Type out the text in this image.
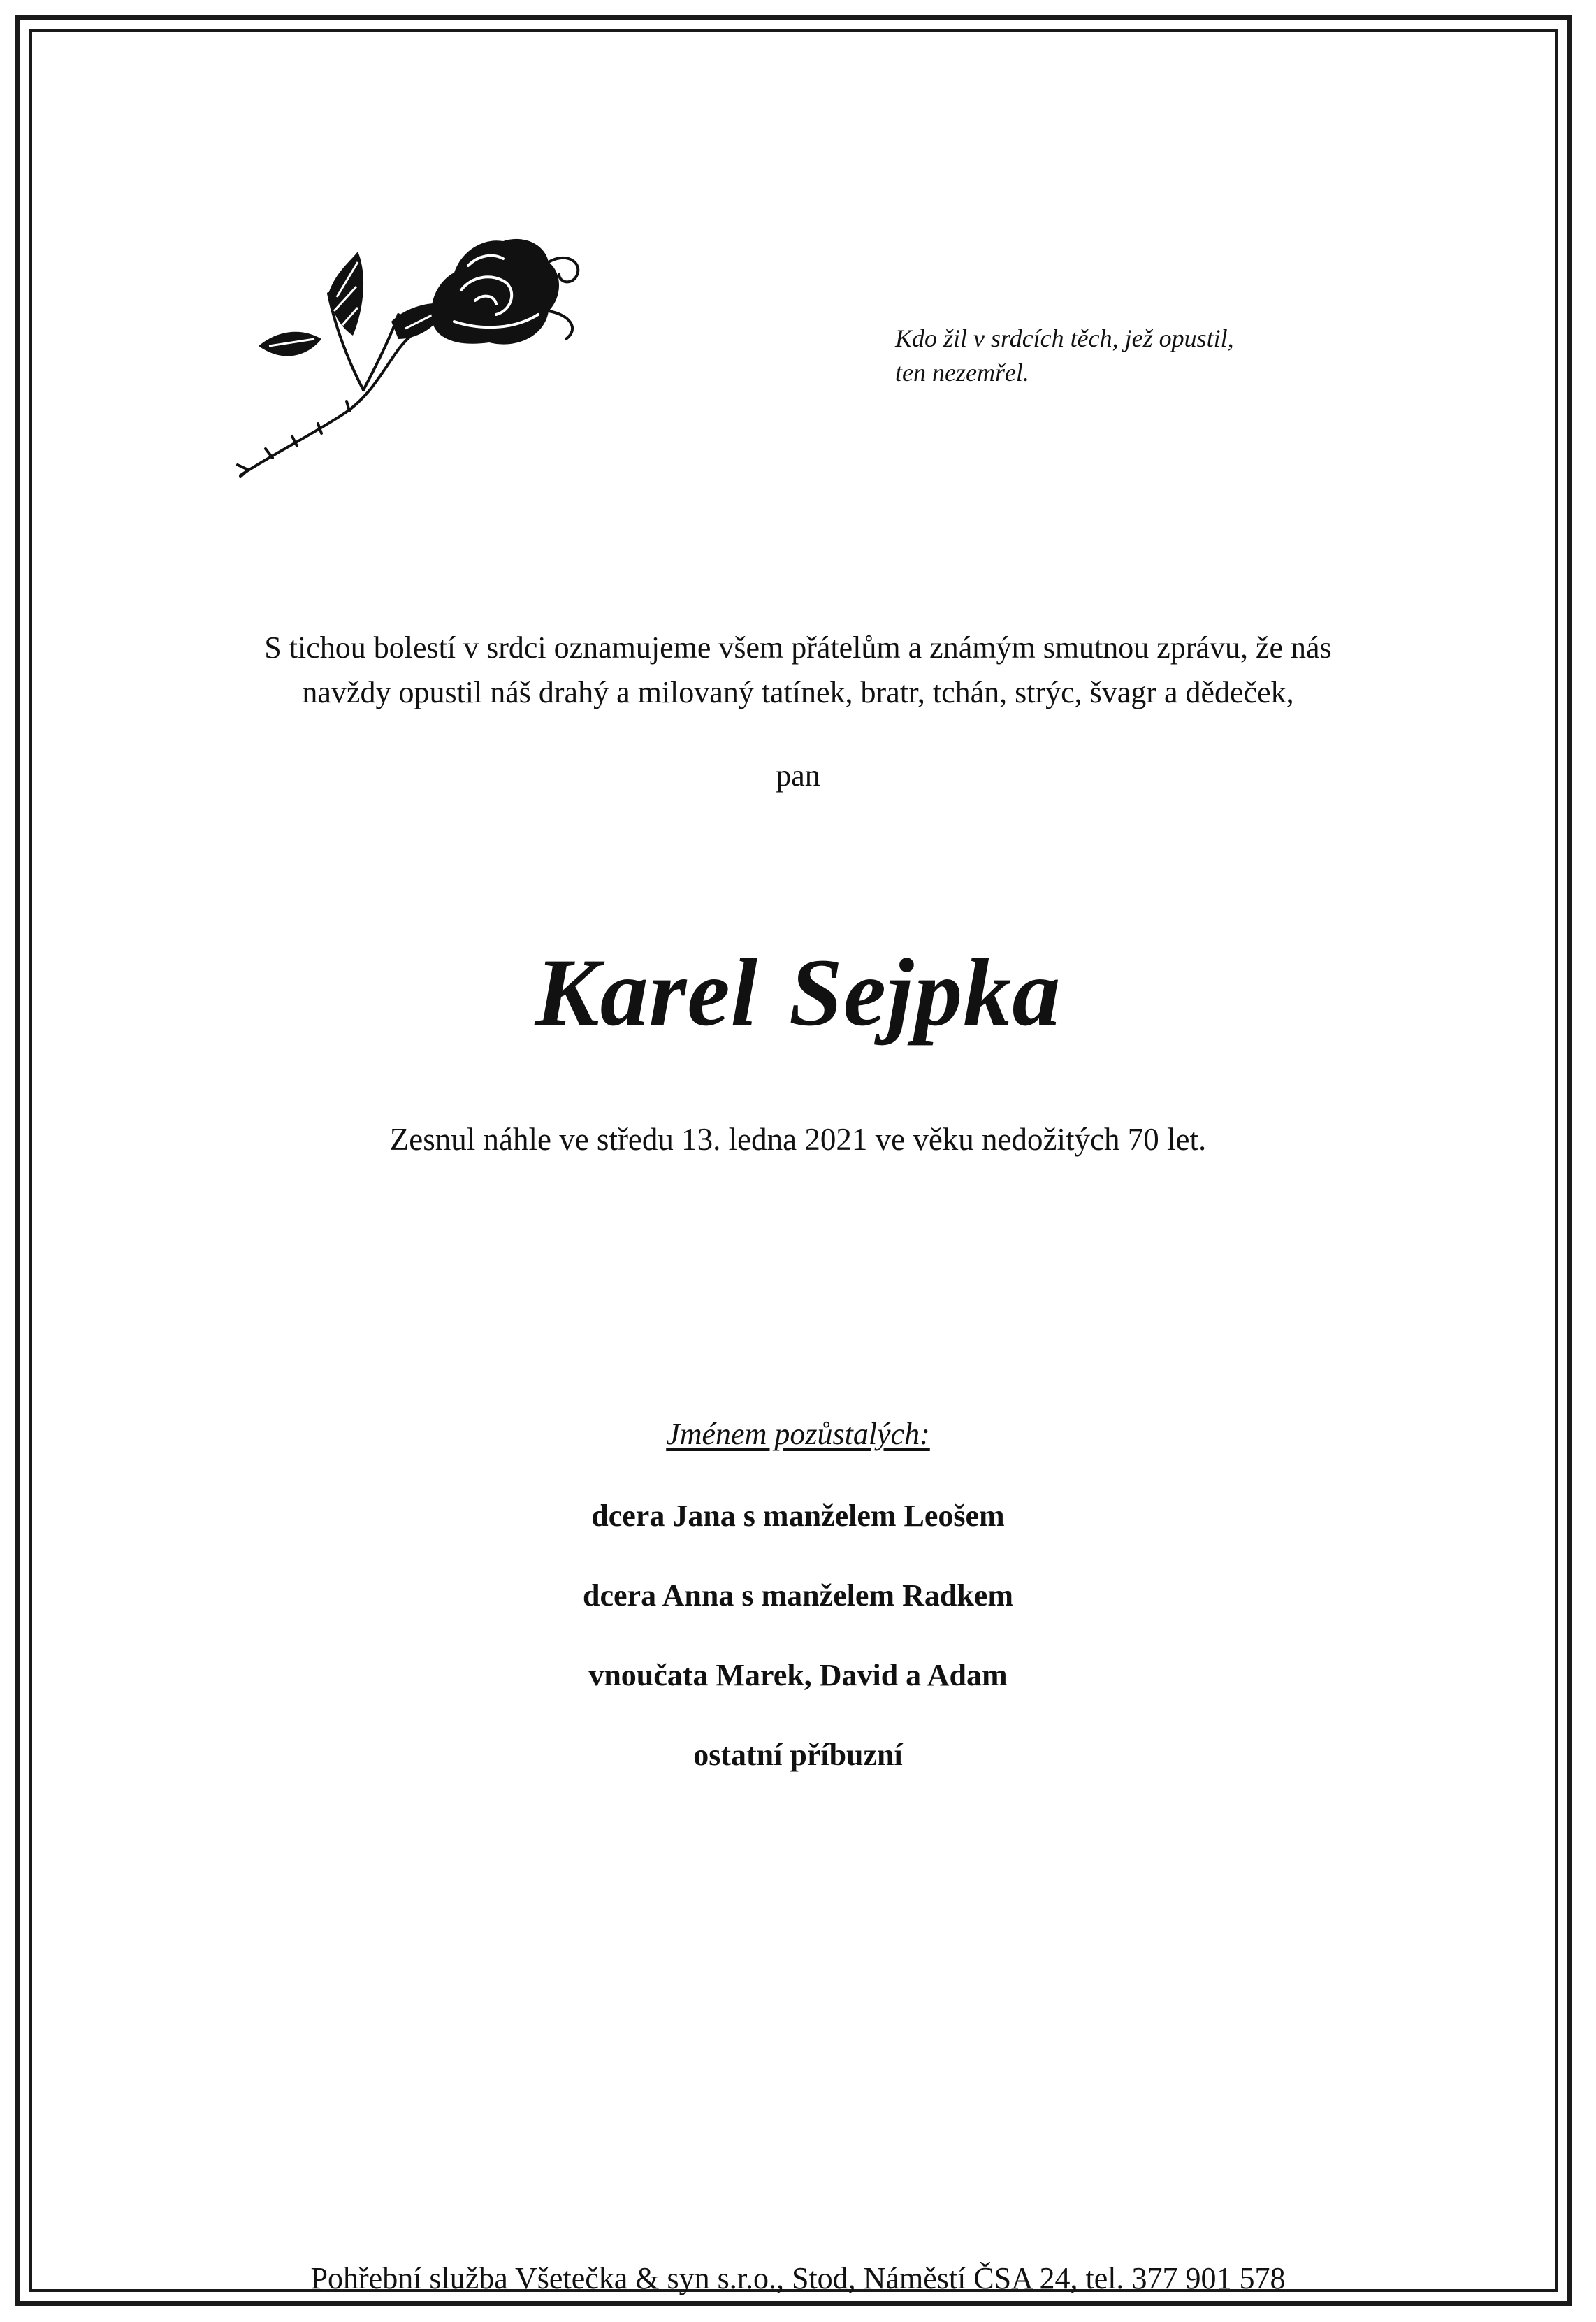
Kdo žil v srdcích těch, jež opustil,
ten nezemřel.
S tichou bolestí v srdci oznamujeme všem přátelům a známým smutnou zprávu, že nás
navždy opustil náš drahý a milovaný tatínek, bratr, tchán, strýc, švagr a dědeček,
pan
Karel Sejpka
Zesnul náhle ve středu 13. ledna 2021 ve věku nedožitých 70 let.
Jménem pozůstalých:
dcera Jana s manželem Leošem
dcera Anna s manželem Radkem
vnoučata Marek, David a Adam
ostatní příbuzní
Pohřební služba Všetečka & syn s.r.o., Stod, Náměstí ČSA 24, tel. 377 901 578
